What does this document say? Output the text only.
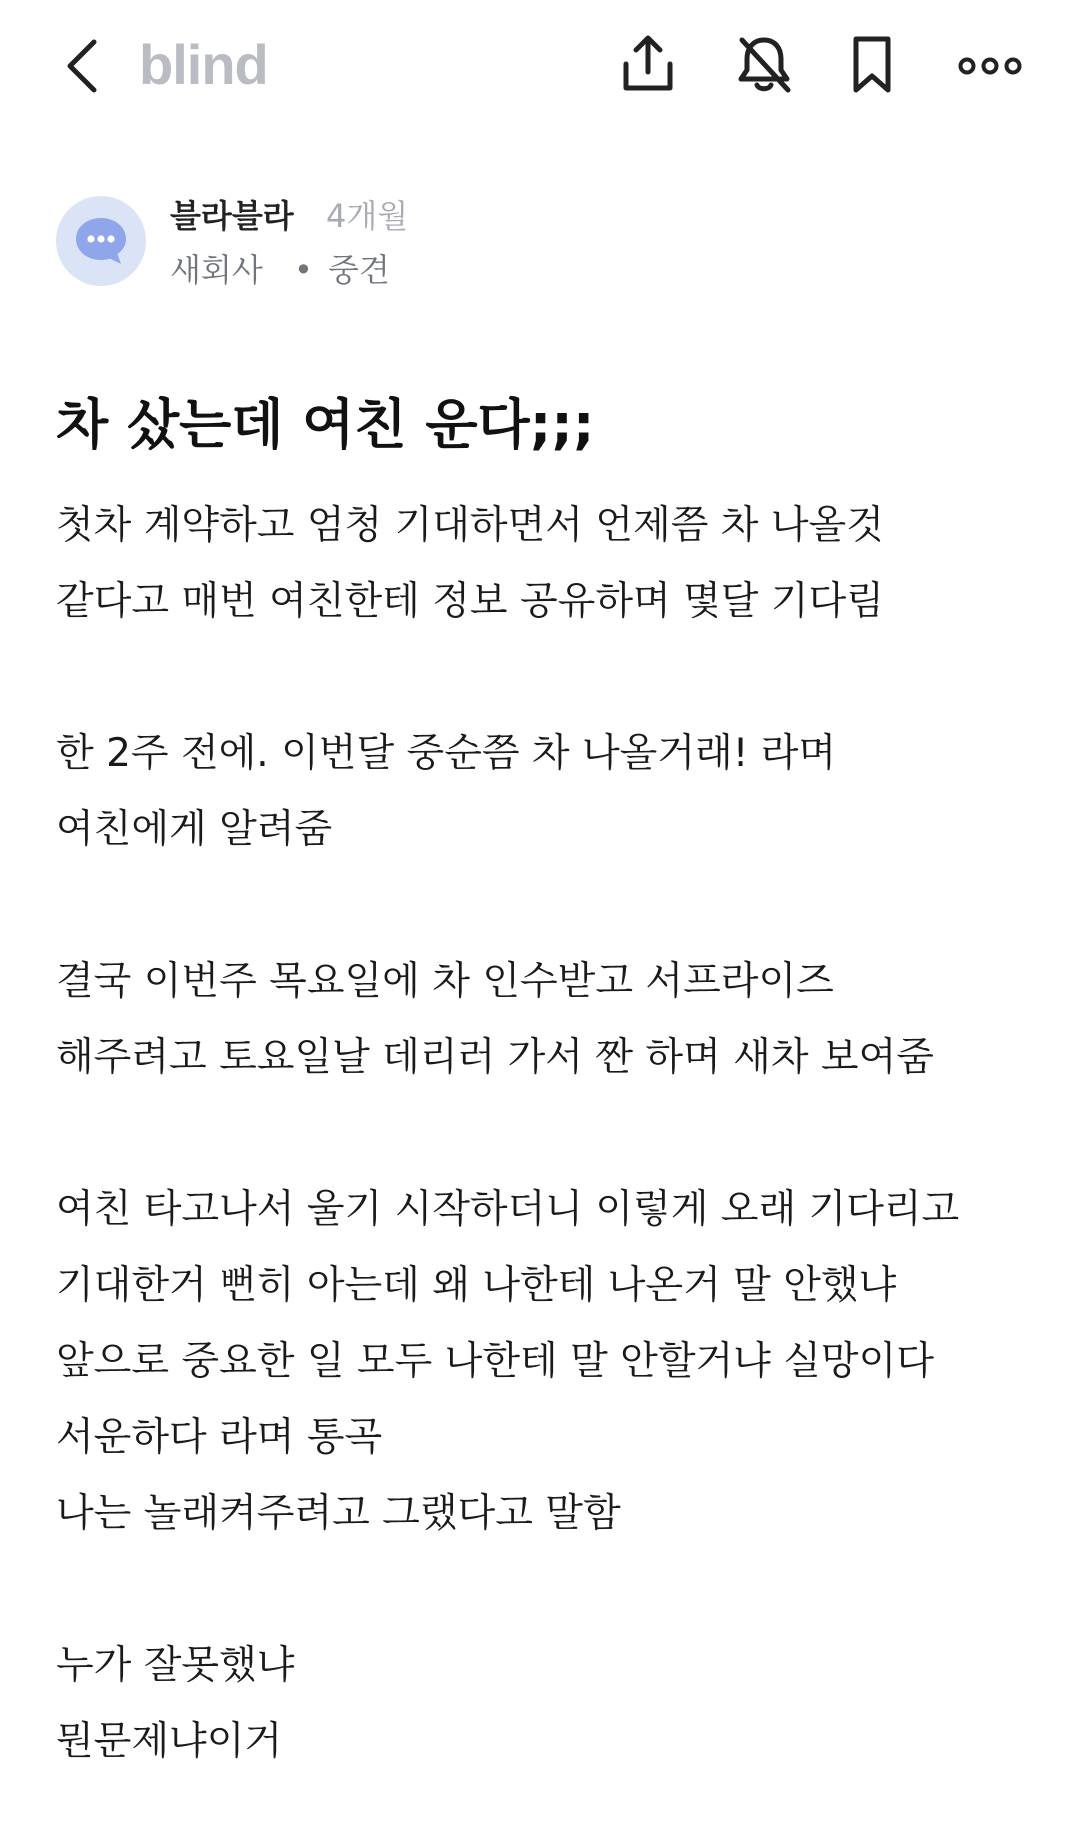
blind
블라블라 4개월
새회사 • 중견
차 샀는데 여친 운다;;;
첫차 계약하고 엄청 기대하면서 언제쯤 차 나올것
같다고 매번 여친한테 정보 공유하며 몇달 기다림
한 2주 전에. 이번달 중순쯤 차 나올거래! 라며
여친에게 알려줌
결국 이번주 목요일에 차 인수받고 서프라이즈
해주려고 토요일날 데리러 가서 짠 하며 새차 보여줌
여친 타고나서 울기 시작하더니 이렇게 오래 기다리고
기대한거 뻔히 아는데 왜 나한테 나온거 말 안했냐
앞으로 중요한 일 모두 나한테 말 안할거냐 실망이다
서운하다 라며 통곡
나는 놀래켜주려고 그랬다고 말함
누가 잘못했냐
뭔문제냐이거
